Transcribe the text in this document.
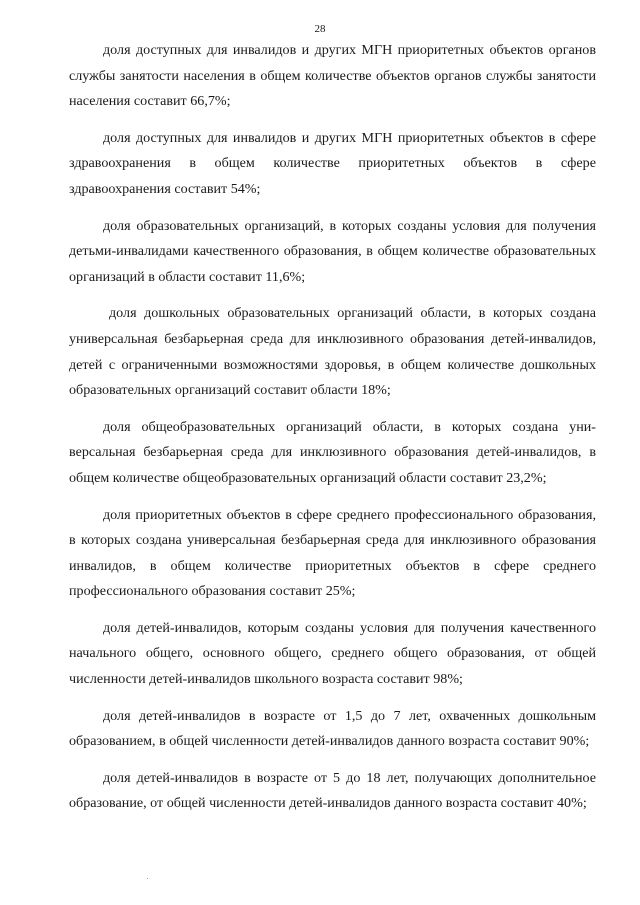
28

доля доступных для инвалидов и других МГН приоритетных объектов органов службы занятости населения в общем количестве объектов органов службы занятости населения составит 66,7%;

доля доступных для инвалидов и других МГН приоритетных объектов в сфере здравоохранения в общем количестве приоритетных объектов в сфере здравоохранения составит 54%;

доля образовательных организаций, в которых созданы условия для получения детьми-инвалидами качественного образования, в общем количестве образовательных организаций в области составит 11,6%;

доля дошкольных образовательных организаций области, в которых создана универсальная безбарьерная среда для инклюзивного образования детей-инвалидов, детей с ограниченными возможностями здоровья, в общем количестве дошкольных образовательных организаций составит области 18%;

доля общеобразовательных организаций области, в которых создана универсальная безбарьерная среда для инклюзивного образования детей-инвалидов, в общем количестве общеобразовательных организаций области составит 23,2%;

доля приоритетных объектов в сфере среднего профессионального образования, в которых создана универсальная безбарьерная среда для инклюзивного образования инвалидов, в общем количестве приоритетных объектов в сфере среднего профессионального образования составит 25%;

доля детей-инвалидов, которым созданы условия для получения качественного начального общего, основного общего, среднего общего образования, от общей численности детей-инвалидов школьного возраста составит 98%;

доля детей-инвалидов в возрасте от 1,5 до 7 лет, охваченных дошкольным образованием, в общей численности детей-инвалидов данного возраста составит 90%;

доля детей-инвалидов в возрасте от 5 до 18 лет, получающих дополнительное образование, от общей численности детей-инвалидов данного возраста составит 40%;
